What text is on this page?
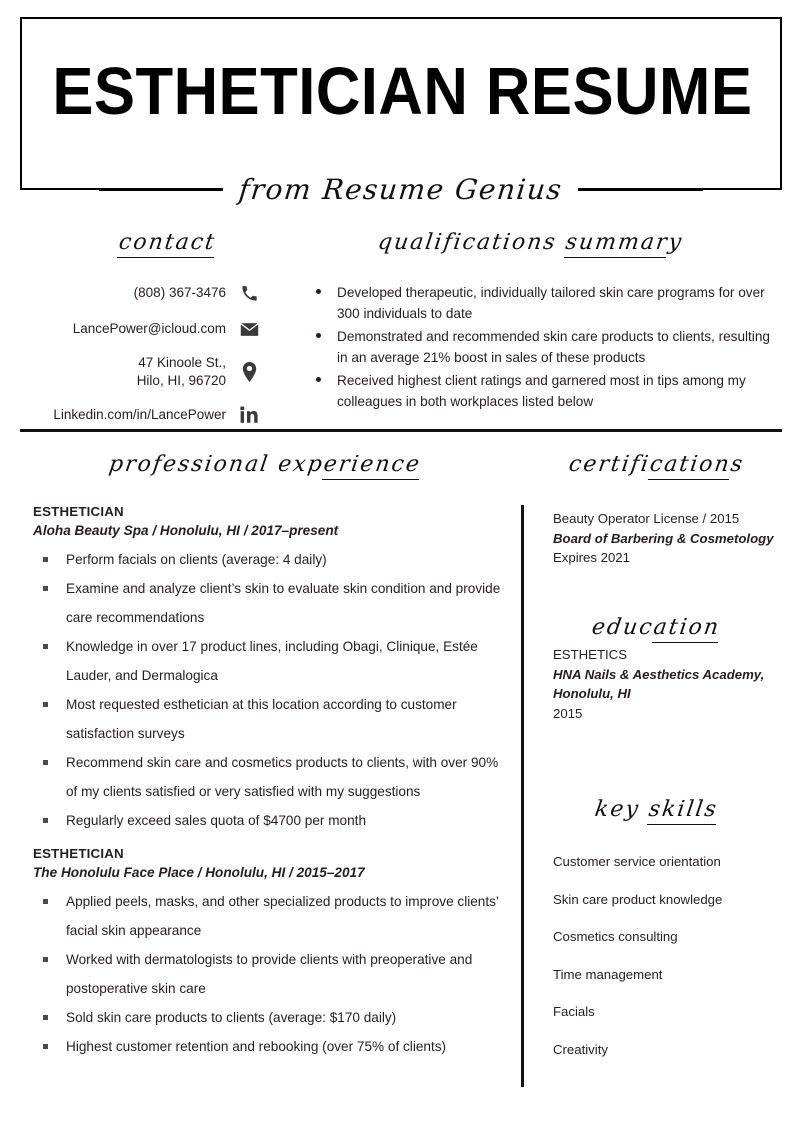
ESTHETICIAN RESUME
from Resume Genius
contact
(808) 367-3476
LancePower@icloud.com
47 Kinoole St.,
Hilo, HI, 96720
Linkedin.com/in/LancePower
qualifications summary
Developed therapeutic, individually tailored skin care programs for over 300 individuals to date
Demonstrated and recommended skin care products to clients, resulting in an average 21% boost in sales of these products
Received highest client ratings and garnered most in tips among my colleagues in both workplaces listed below
professional experience
ESTHETICIAN
Aloha Beauty Spa / Honolulu, HI / 2017–present
Perform facials on clients (average: 4 daily)
Examine and analyze client’s skin to evaluate skin condition and provide care recommendations
Knowledge in over 17 product lines, including Obagi, Clinique, Estée Lauder, and Dermalogica
Most requested esthetician at this location according to customer satisfaction surveys
Recommend skin care and cosmetics products to clients, with over 90% of my clients satisfied or very satisfied with my suggestions
Regularly exceed sales quota of $4700 per month
ESTHETICIAN
The Honolulu Face Place / Honolulu, HI / 2015–2017
Applied peels, masks, and other specialized products to improve clients’ facial skin appearance
Worked with dermatologists to provide clients with preoperative and postoperative skin care
Sold skin care products to clients (average: $170 daily)
Highest customer retention and rebooking (over 75% of clients)
certifications
Beauty Operator License / 2015
Board of Barbering & Cosmetology
Expires 2021
education
ESTHETICS
HNA Nails & Aesthetics Academy,
Honolulu, HI
2015
key skills
Customer service orientation
Skin care product knowledge
Cosmetics consulting
Time management
Facials
Creativity
